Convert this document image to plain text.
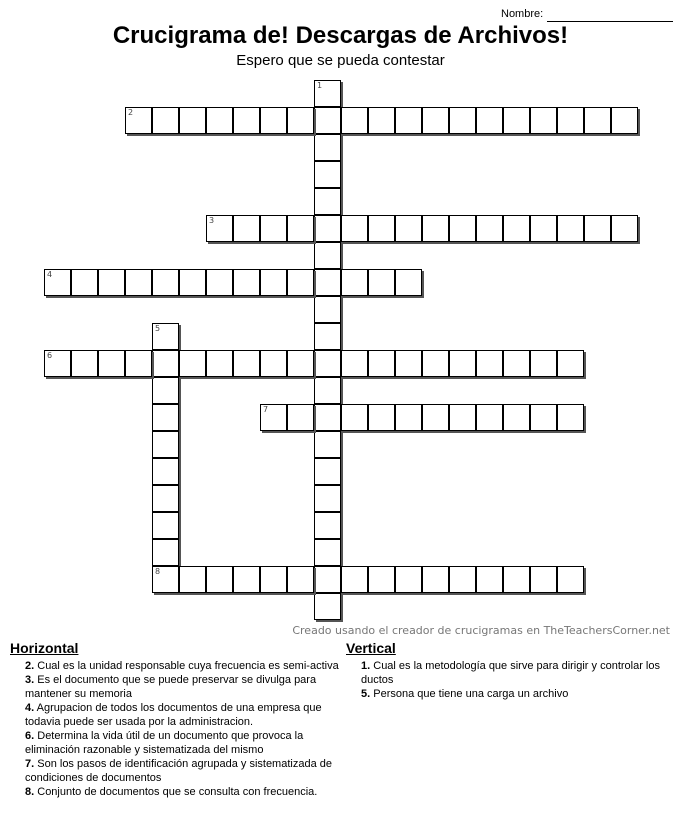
Nombre:
Crucigrama de! Descargas de Archivos!
Espero que se pueda contestar
1
2
3
4
5
8
6
7
Creado usando el creador de crucigramas en TheTeachersCorner.net
Horizontal
2. Cual es la unidad responsable cuya frecuencia es semi-activa
3. Es el documento que se puede preservar se divulga para mantener su memoria
4. Agrupacion de todos los documentos de una empresa que todavia puede ser usada por la administracion.
6. Determina la vida útil de un documento que provoca la eliminación razonable y sistematizada del mismo
7. Son los pasos de identificación agrupada y sistematizada de condiciones de documentos
8. Conjunto de documentos que se consulta con frecuencia.
Vertical
1. Cual es la metodología que sirve para dirigir y controlar los ductos
5. Persona que tiene una carga un archivo
